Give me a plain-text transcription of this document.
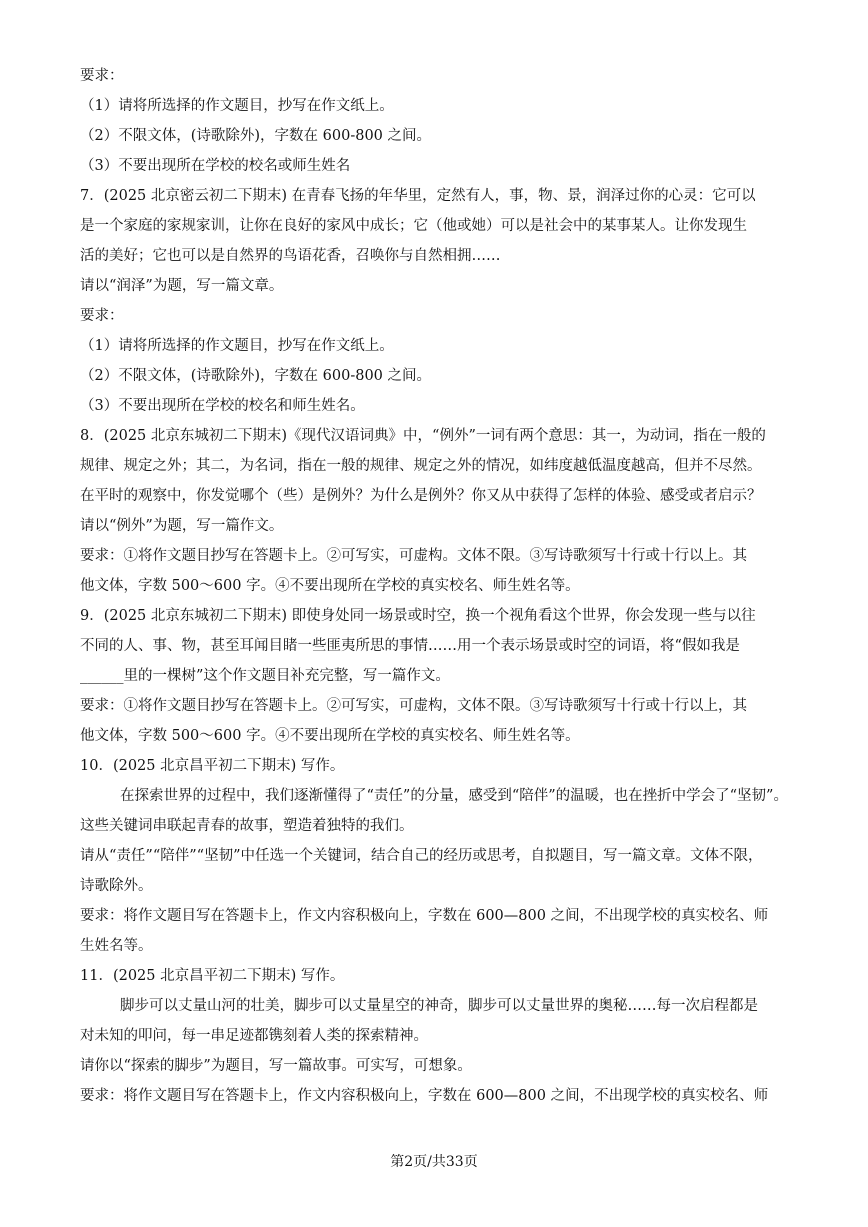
要求：
（1）请将所选择的作文题目，抄写在作文纸上。
（2）不限文体，(诗歌除外)，字数在 600-800 之间。
（3）不要出现所在学校的校名或师生姓名
7．(2025 北京密云初二下期末) 在青春飞扬的年华里，定然有人，事，物、景，润泽过你的心灵：它可以
是一个家庭的家规家训，让你在良好的家风中成长；它（他或她）可以是社会中的某事某人。让你发现生
活的美好；它也可以是自然界的鸟语花香，召唤你与自然相拥……
请以“润泽”为题，写一篇文章。
要求：
（1）请将所选择的作文题目，抄写在作文纸上。
（2）不限文体，(诗歌除外)，字数在 600-800 之间。
（3）不要出现所在学校的校名和师生姓名。
8．(2025 北京东城初二下期末)《现代汉语词典》中，“例外”一词有两个意思：其一，为动词，指在一般的
规律、规定之外；其二，为名词，指在一般的规律、规定之外的情况，如纬度越低温度越高，但并不尽然。
在平时的观察中，你发觉哪个（些）是例外？为什么是例外？你又从中获得了怎样的体验、感受或者启示？
请以“例外”为题，写一篇作文。
要求：①将作文题目抄写在答题卡上。②可写实，可虚构。文体不限。③写诗歌须写十行或十行以上。其
他文体，字数 500～600 字。④不要出现所在学校的真实校名、师生姓名等。
9．(2025 北京东城初二下期末) 即使身处同一场景或时空，换一个视角看这个世界，你会发现一些与以往
不同的人、事、物，甚至耳闻目睹一些匪夷所思的事情……用一个表示场景或时空的词语，将“假如我是
______里的一棵树”这个作文题目补充完整，写一篇作文。
要求：①将作文题目抄写在答题卡上。②可写实，可虚构，文体不限。③写诗歌须写十行或十行以上，其
他文体，字数 500～600 字。④不要出现所在学校的真实校名、师生姓名等。
10．(2025 北京昌平初二下期末) 写作。
在探索世界的过程中，我们逐渐懂得了“责任”的分量，感受到“陪伴”的温暖，也在挫折中学会了“坚韧”。
这些关键词串联起青春的故事，塑造着独特的我们。
请从“责任”“陪伴”“坚韧”中任选一个关键词，结合自己的经历或思考，自拟题目，写一篇文章。文体不限，
诗歌除外。
要求：将作文题目写在答题卡上，作文内容积极向上，字数在 600—800 之间，不出现学校的真实校名、师
生姓名等。
11．(2025 北京昌平初二下期末) 写作。
脚步可以丈量山河的壮美，脚步可以丈量星空的神奇，脚步可以丈量世界的奥秘……每一次启程都是
对未知的叩问，每一串足迹都镌刻着人类的探索精神。
请你以“探索的脚步”为题目，写一篇故事。可实写，可想象。
要求：将作文题目写在答题卡上，作文内容积极向上，字数在 600—800 之间，不出现学校的真实校名、师
第2页/共33页
